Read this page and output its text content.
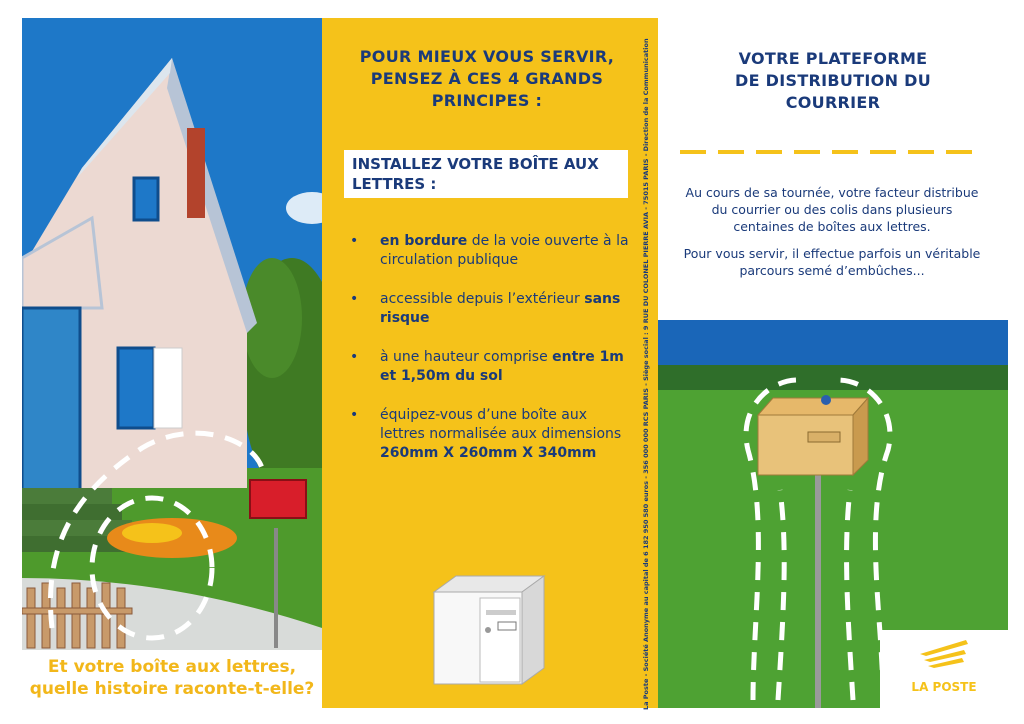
Et votre boîte aux lettres,
quelle histoire raconte-t-elle?
POUR MIEUX VOUS SERVIR,
PENSEZ À CES 4 GRANDS
PRINCIPES :
INSTALLEZ VOTRE BOÎTE AUX
LETTRES :
• en bordure de la voie ouverte à la circulation publique
• accessible depuis l’extérieur sans risque
• à une hauteur comprise entre 1m et 1,50m du sol
• équipez-vous d’une boîte aux lettres normalisée aux dimensions 260mm X 260mm X 340mm	La Poste - Société Anonyme au capital de 6 182 950 580 euros - 356 000 000 RCS PARIS - Siège social : 9 RUE DU COLONEL PIERRE AVIA - 75015 PARIS - Direction de la Communication	VOTRE PLATEFORME
DE DISTRIBUTION DU
COURRIER

Au cours de sa tournée, votre facteur distribue du courrier ou des colis dans plusieurs centaines de boîtes aux lettres.

Pour vous servir, il effectue parfois un véritable parcours semé d’embûches...

LA POSTE
